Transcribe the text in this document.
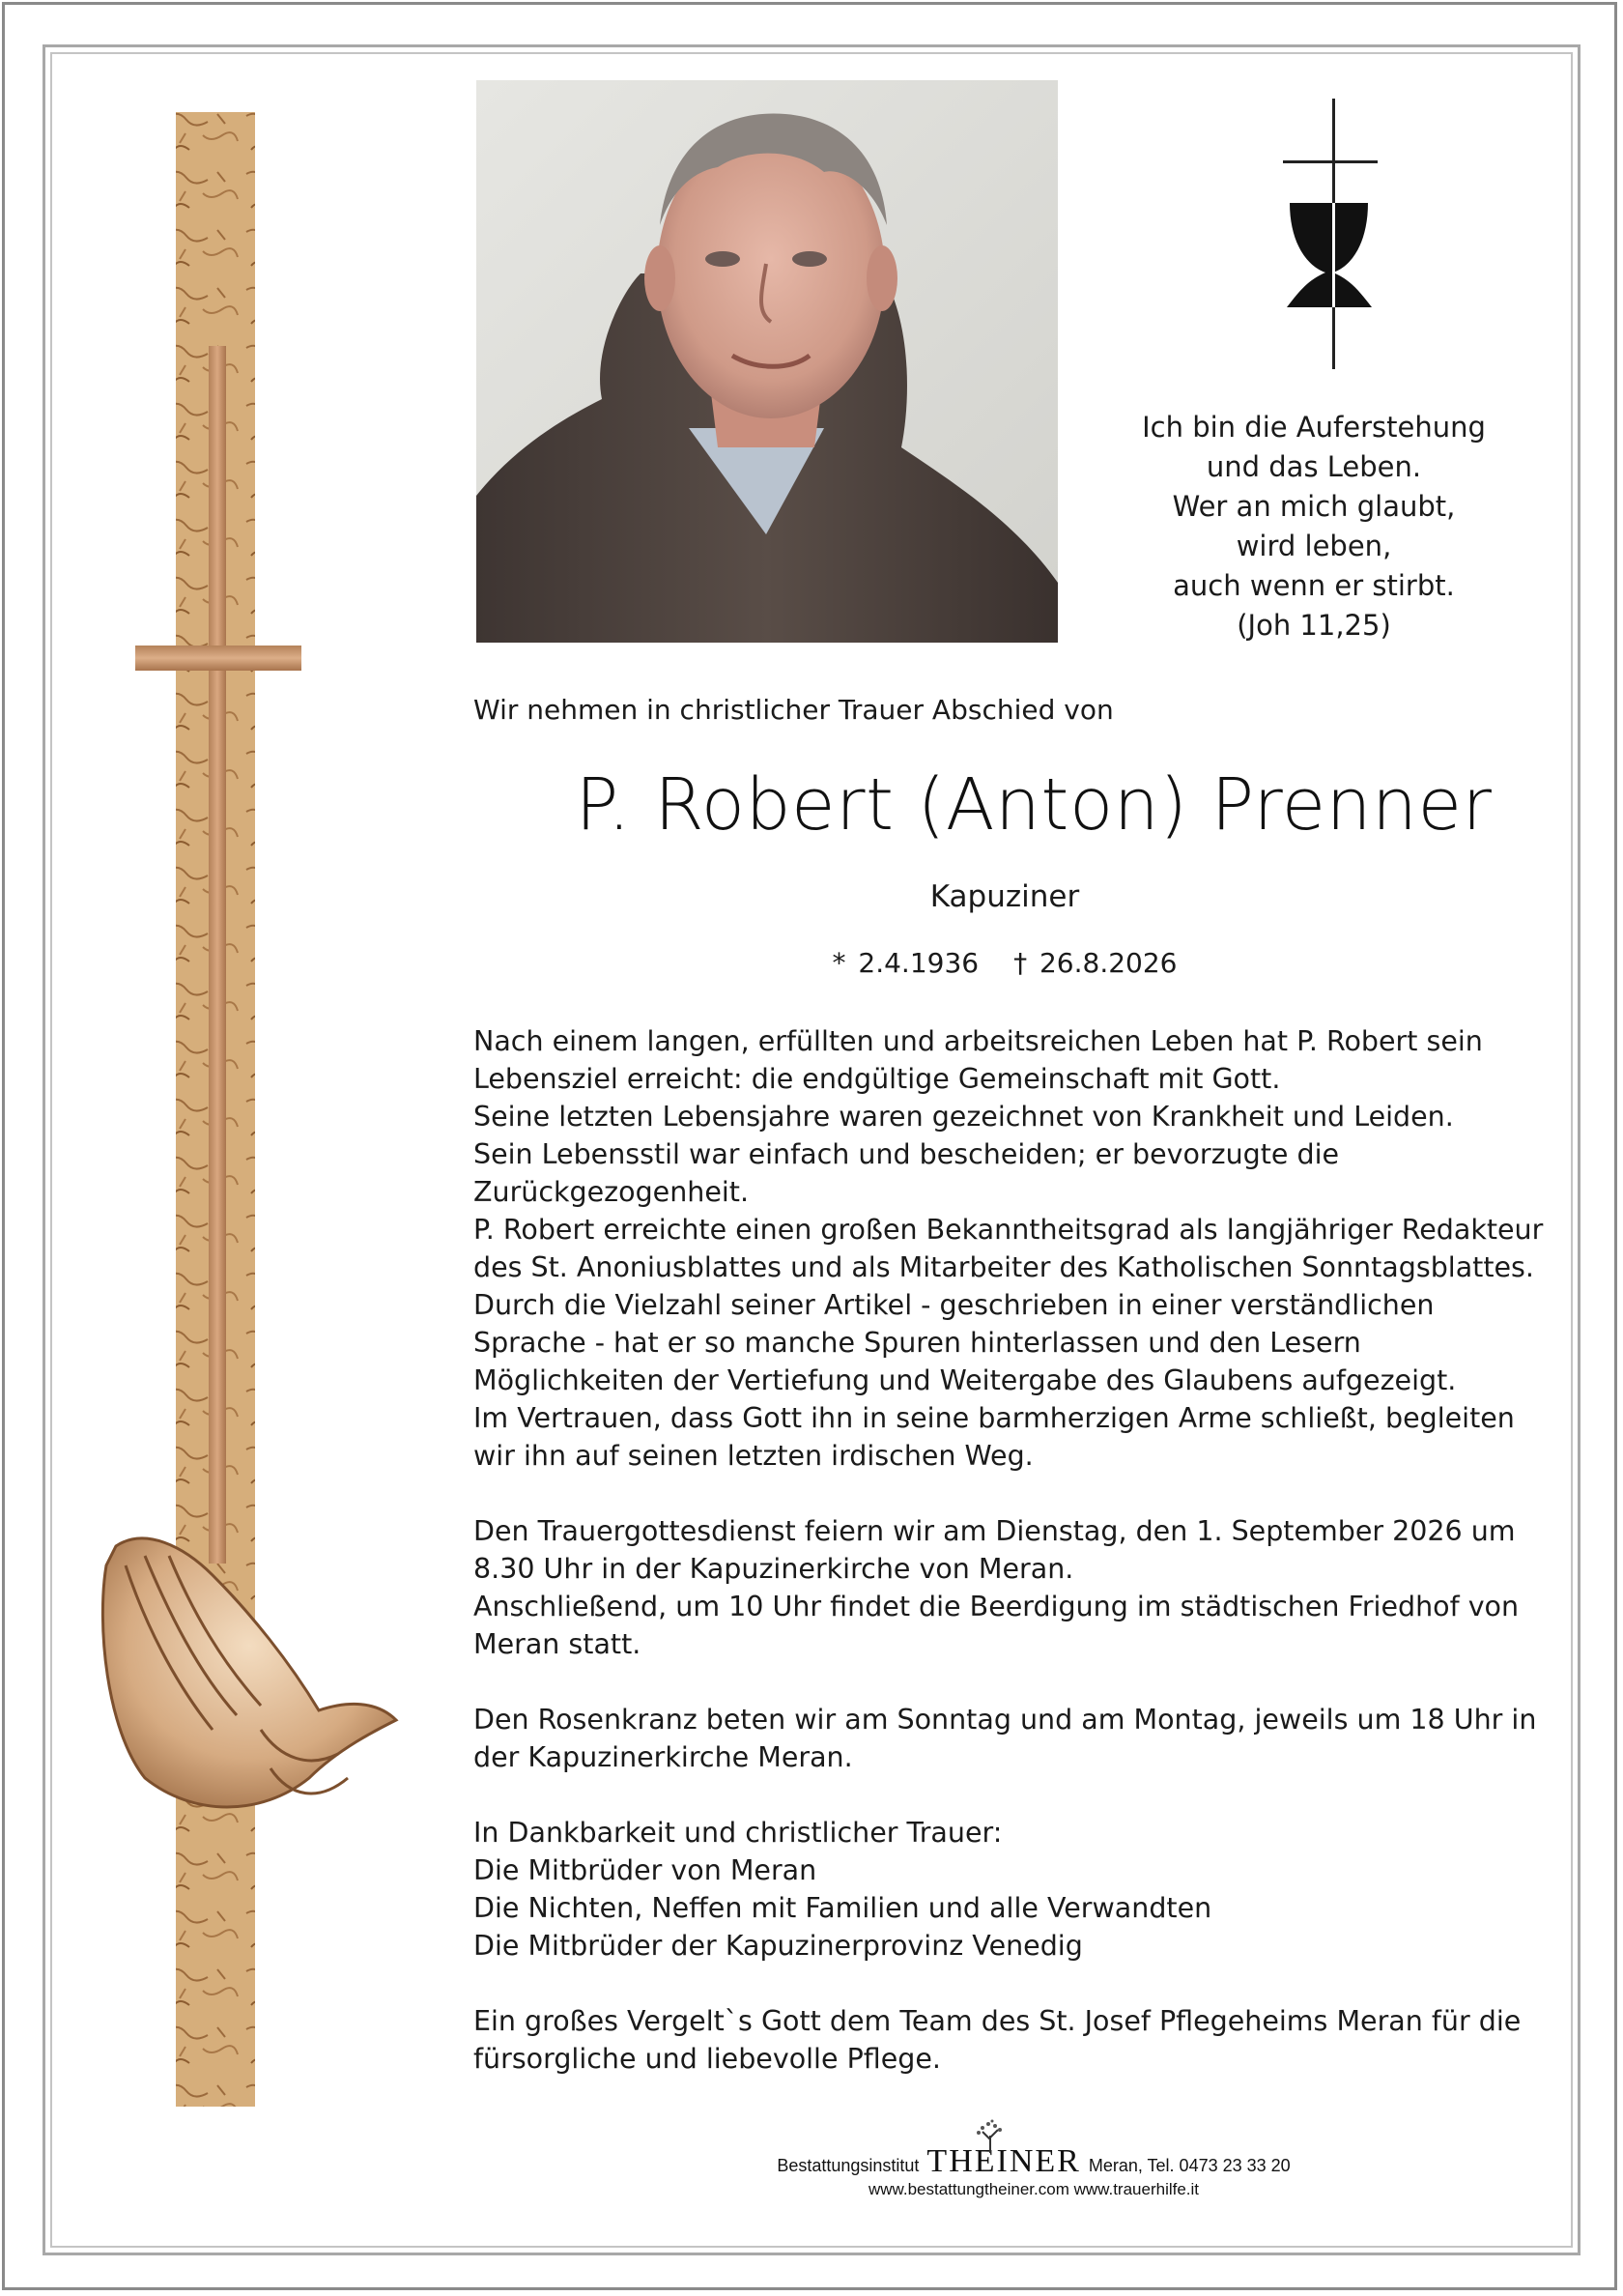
Ich bin die Auferstehung
und das Leben.
Wer an mich glaubt,
wird leben,
auch wenn er stirbt.
(Joh 11,25)
Wir nehmen in christlicher Trauer Abschied von
P. Robert (Anton) Prenner
Kapuziner
* 2.4.1936 † 26.8.2026

Nach einem langen, erfüllten und arbeitsreichen Leben hat P. Robert sein Lebensziel erreicht: die endgültige Gemeinschaft mit Gott.

Seine letzten Lebensjahre waren gezeichnet von Krankheit und Leiden.

Sein Lebensstil war einfach und bescheiden; er bevorzugte die Zurückgezogenheit.

P. Robert erreichte einen großen Bekanntheitsgrad als langjähriger Redakteur des St. Anoniusblattes und als Mitarbeiter des Katholischen Sonntagsblattes.

Durch die Vielzahl seiner Artikel - geschrieben in einer verständlichen Sprache - hat er so manche Spuren hinterlassen und den Lesern Möglichkeiten der Vertiefung und Weitergabe des Glaubens aufgezeigt.

Im Vertrauen, dass Gott ihn in seine barmherzigen Arme schließt, begleiten wir ihn auf seinen letzten irdischen Weg.

Den Trauergottesdienst feiern wir am Dienstag, den 1. September 2026 um 8.30 Uhr in der Kapuzinerkirche von Meran.

Anschließend, um 10 Uhr findet die Beerdigung im städtischen Friedhof von Meran statt.

Den Rosenkranz beten wir am Sonntag und am Montag, jeweils um 18 Uhr in der Kapuzinerkirche Meran.

In Dankbarkeit und christlicher Trauer:

Die Mitbrüder von Meran

Die Nichten, Neffen mit Familien und alle Verwandten

Die Mitbrüder der Kapuzinerprovinz Venedig

Ein großes Vergelt`s Gott dem Team des St. Josef Pflegeheims Meran für die fürsorgliche und liebevolle Pflege.

Bestattungsinstitut THEINER Meran, Tel. 0473 23 33 20
www.bestattungtheiner.com www.trauerhilfe.it
